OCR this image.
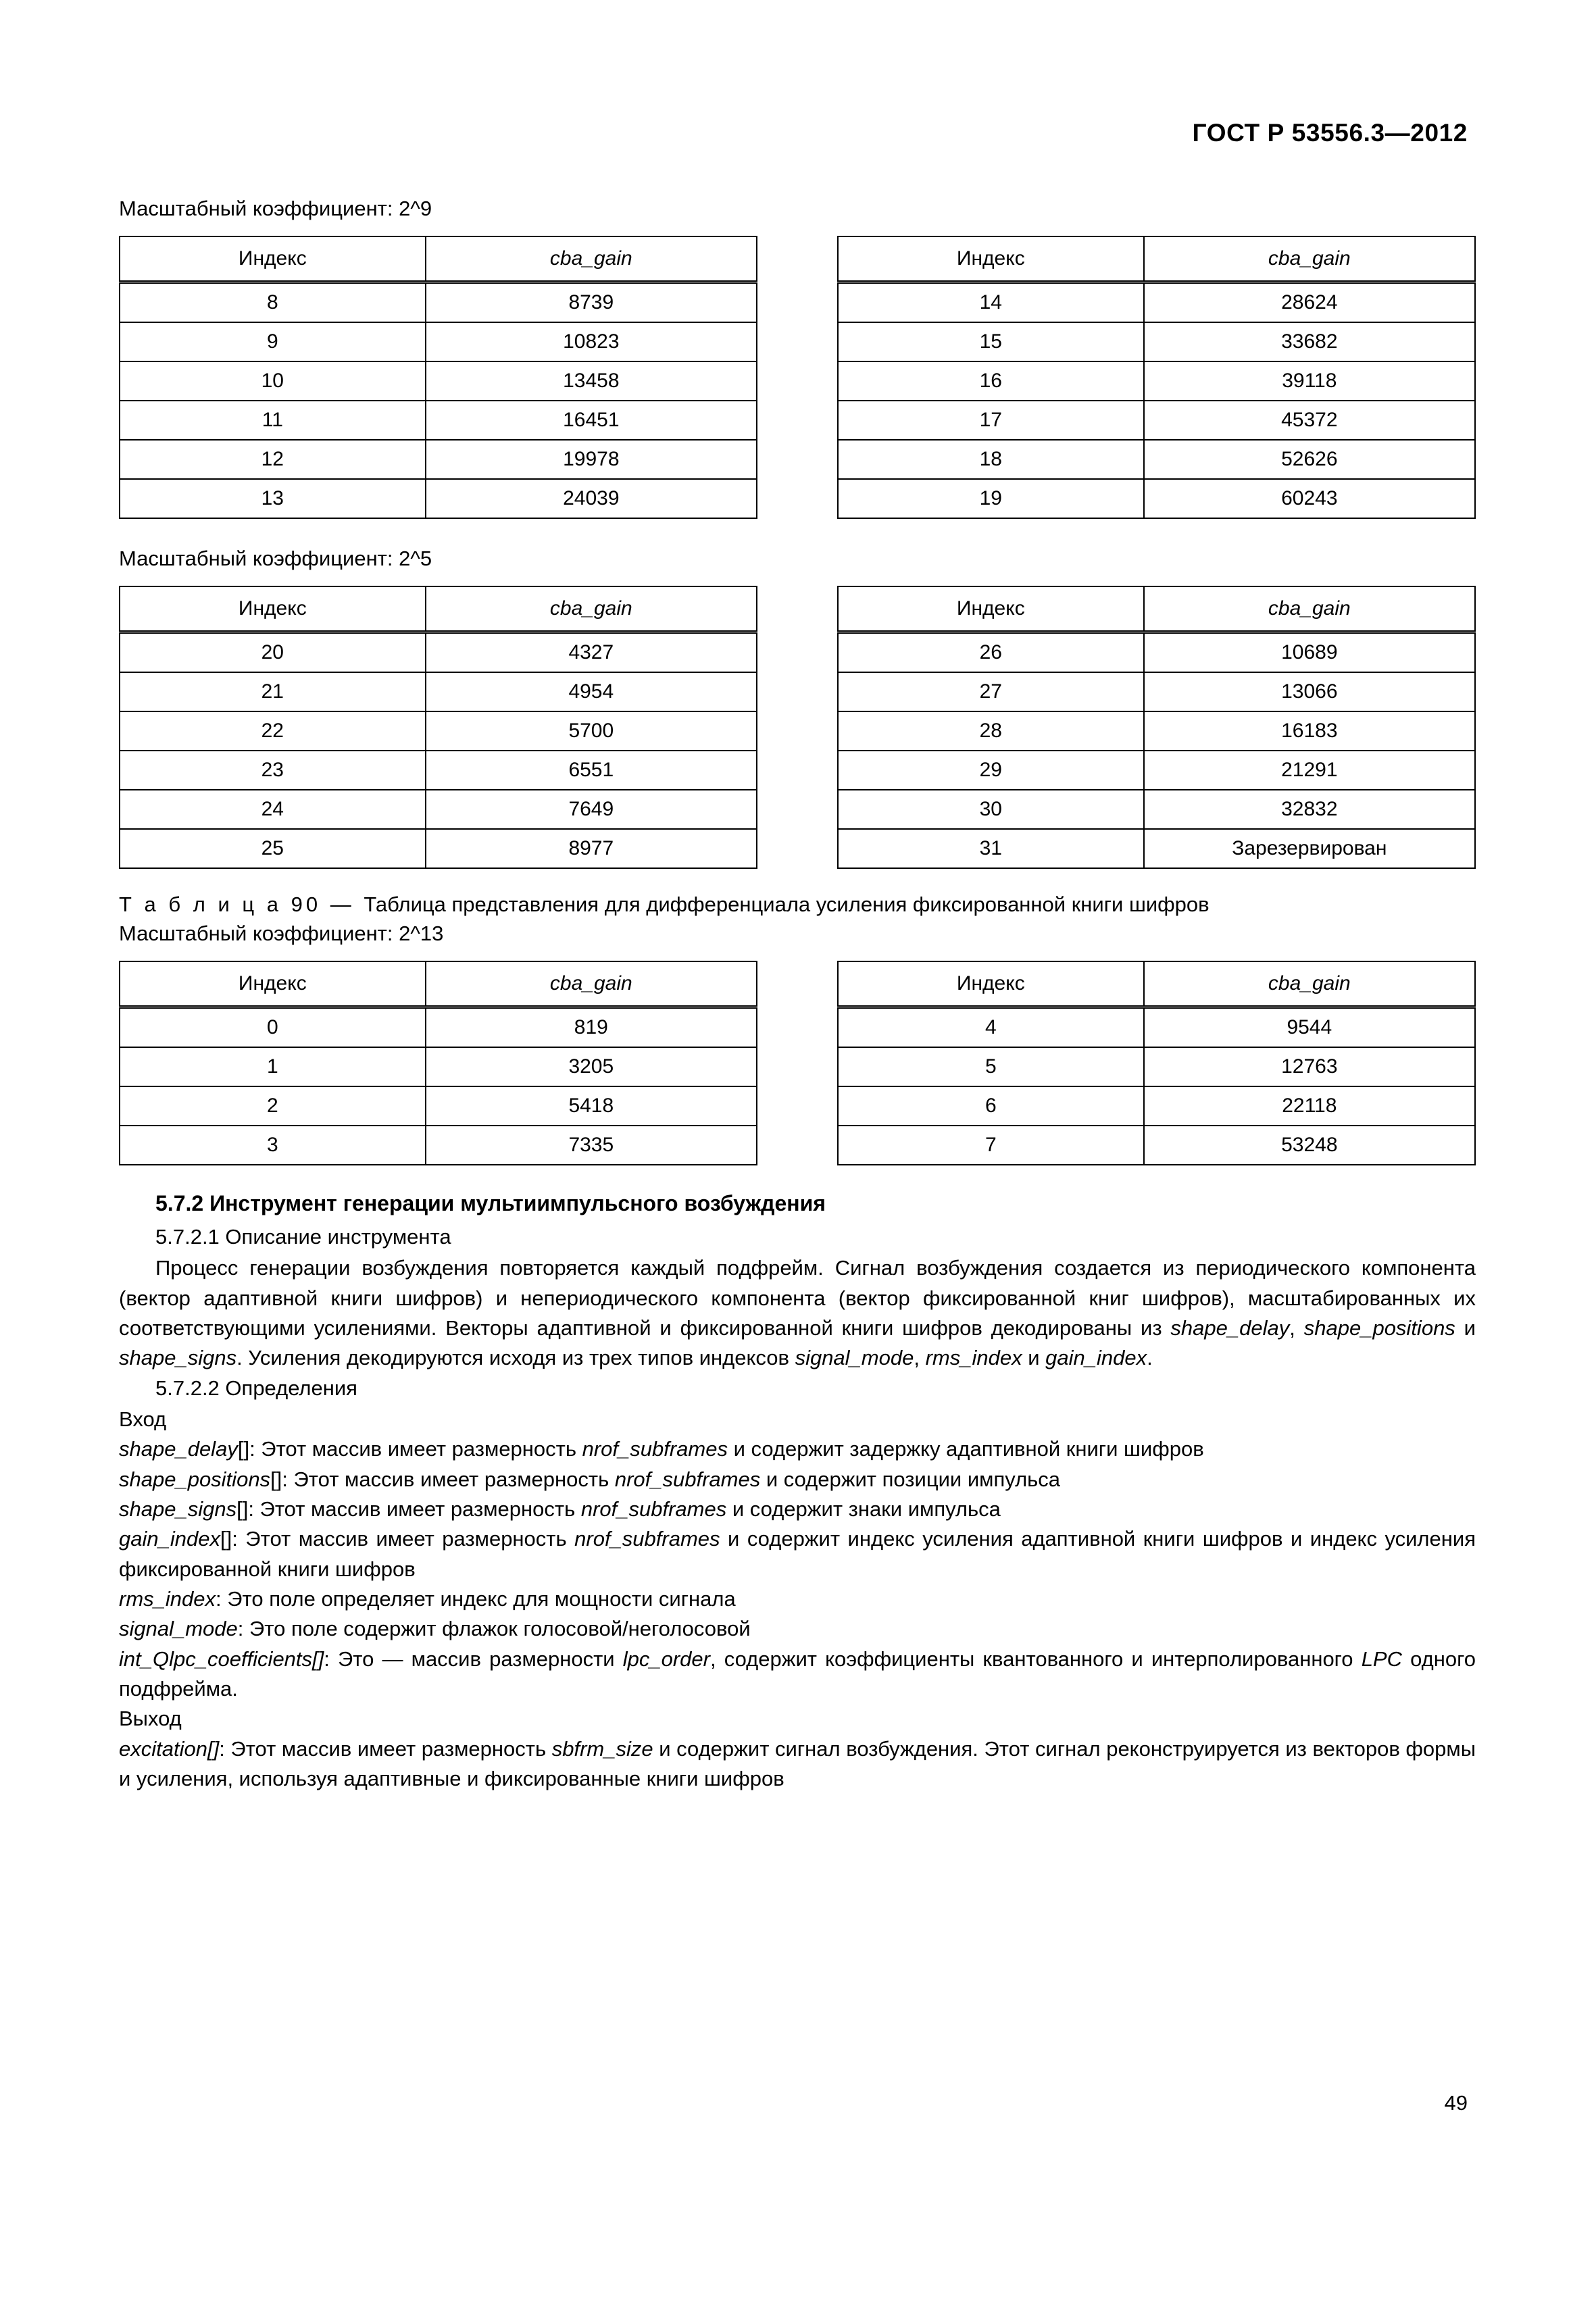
ГОСТ Р 53556.3—2012

Масштабный коэффициент: 2^9

Индекс	cba_gain
8	8739
9	10823
10	13458
11	16451
12	19978
13	24039
Индекс	cba_gain
14	28624
15	33682
16	39118
17	45372
18	52626
19	60243

Масштабный коэффициент: 2^5

Индекс	cba_gain
20	4327
21	4954
22	5700
23	6551
24	7649
25	8977
Индекс	cba_gain
26	10689
27	13066
28	16183
29	21291
30	32832
31	Зарезервирован

Т а б л и ц а 90 — Таблица представления для дифференциала усиления фиксированной книги шифров

Масштабный коэффициент: 2^13

Индекс	cba_gain
0	819
1	3205
2	5418
3	7335
Индекс	cba_gain
4	9544
5	12763
6	22118
7	53248
5.7.2 Инструмент генерации мультиимпульсного возбуждения
5.7.2.1 Описание инструмента

Процесс генерации возбуждения повторяется каждый подфрейм. Сигнал возбуждения создается из периодического компонента (вектор адаптивной книги шифров) и непериодического компонента (вектор фиксированной книг шифров), масштабированных их соответствующими усилениями. Векторы адаптивной и фиксированной книги шифров декодированы из shape_delay, shape_positions и shape_signs. Усиления декодируются исходя из трех типов индексов signal_mode, rms_index и gain_index.

5.7.2.2 Определения

Вход

shape_delay[]: Этот массив имеет размерность nrof_subframes и содержит задержку адаптивной книги шифров

shape_positions[]: Этот массив имеет размерность nrof_subframes и содержит позиции импульса

shape_signs[]: Этот массив имеет размерность nrof_subframes и содержит знаки импульса

gain_index[]: Этот массив имеет размерность nrof_subframes и содержит индекс усиления адаптивной книги шифров и индекс усиления фиксированной книги шифров

rms_index: Это поле определяет индекс для мощности сигнала

signal_mode: Это поле содержит флажок голосовой/неголосовой

int_Qlpc_coefficients[]: Это — массив размерности lpc_order, содержит коэффициенты квантованного и интерполированного LPC одного подфрейма.

Выход

excitation[]: Этот массив имеет размерность sbfrm_size и содержит сигнал возбуждения. Этот сигнал реконструируется из векторов формы и усиления, используя адаптивные и фиксированные книги шифров

49
